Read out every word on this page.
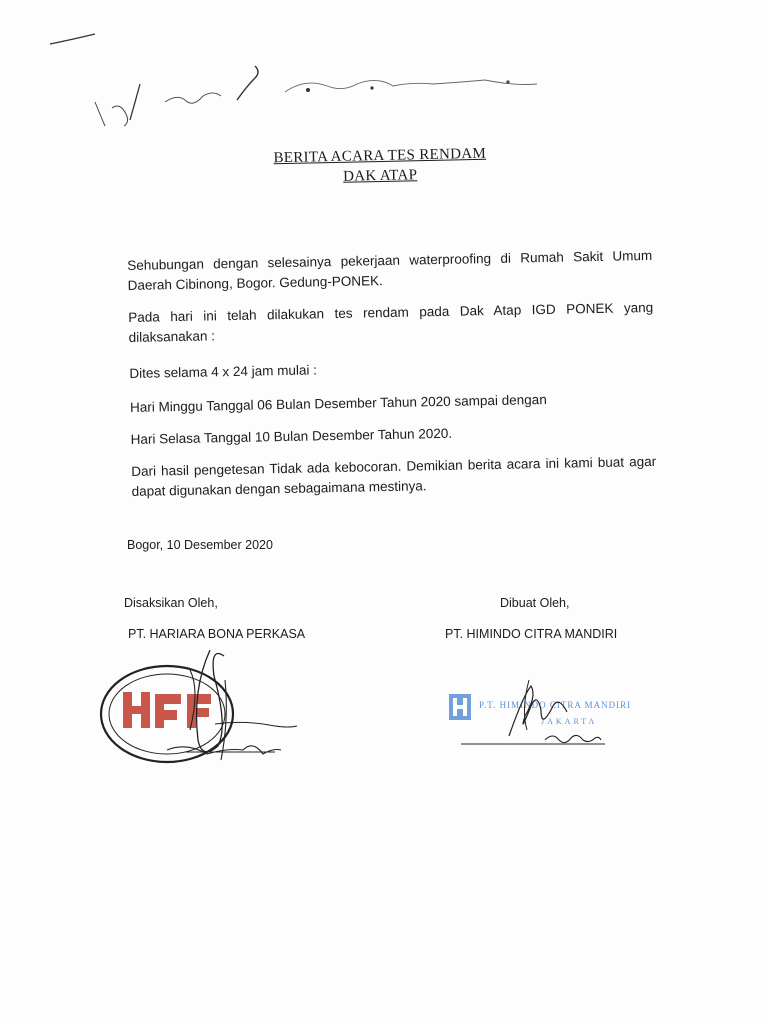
BERITA ACARA TES RENDAM
DAK ATAP

Sehubungan dengan selesainya pekerjaan waterproofing di Rumah Sakit Umum Daerah Cibinong, Bogor. Gedung-PONEK.

Pada hari ini telah dilakukan tes rendam pada Dak Atap IGD PONEK yang dilaksanakan :

Dites selama 4 x 24 jam mulai :

Hari Minggu Tanggal 06 Bulan Desember Tahun 2020 sampai dengan

Hari Selasa Tanggal 10 Bulan Desember Tahun 2020.

Dari hasil pengetesan Tidak ada kebocoran. Demikian berita acara ini kami buat agar dapat digunakan dengan sebagaimana mestinya.

Bogor, 10 Desember 2020
Disaksikan Oleh,	Dibuat Oleh,
PT. HARIARA BONA PERKASA	PT. HIMINDO CITRA MANDIRI
P.T. HIMINDO CITRA MANDIRI
JAKARTA
